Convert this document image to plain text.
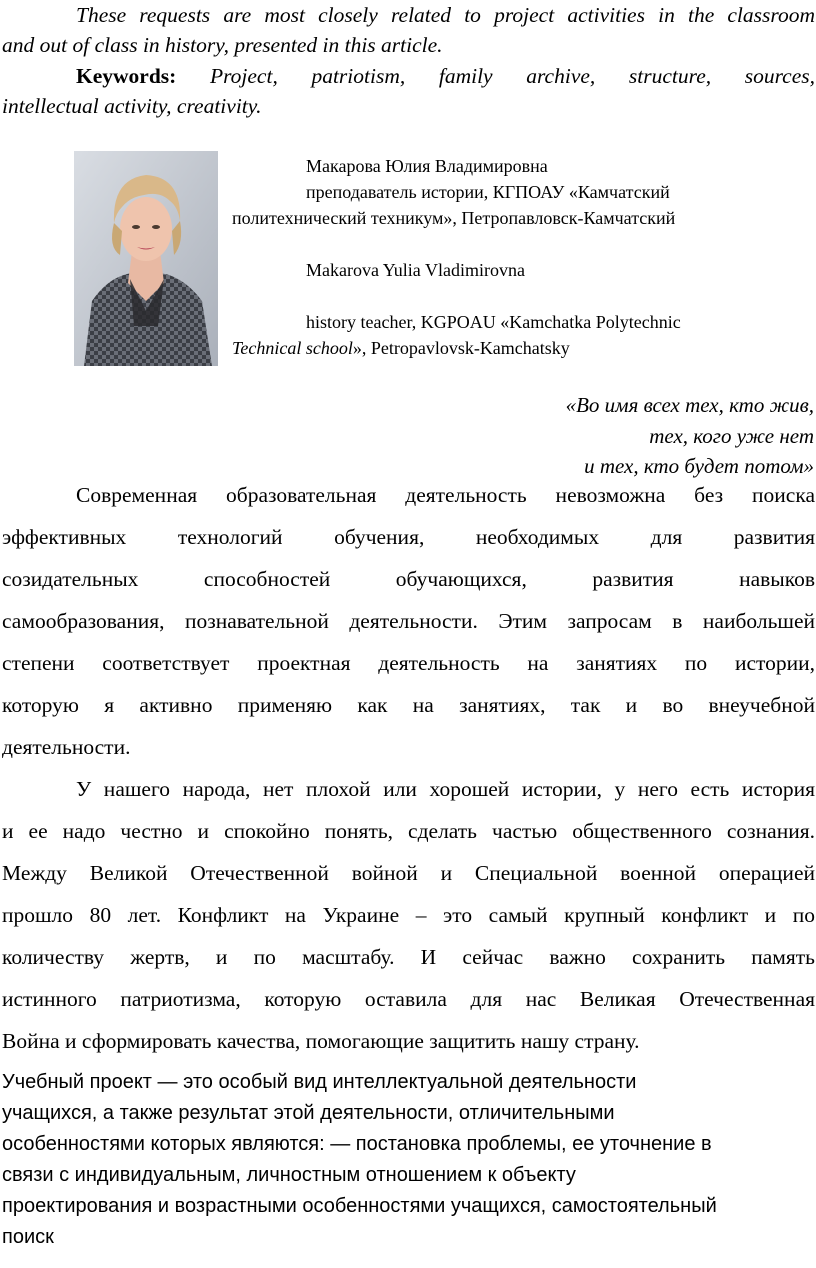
These requests are most closely related to project activities in the classroom
and out of class in history, presented in this article.
Keywords: Project, patriotism, family archive, structure, sources,
intellectual activity, creativity.
Макарова Юлия Владимировна
преподаватель истории, КГПОАУ «Камчатский
политехнический техникум», Петропавловск-Камчатский
Makarova Yulia Vladimirovna
history teacher, KGPOAU «Kamchatka Polytechnic
Technical school», Petropavlovsk-Kamchatsky
«Во имя всех тех, кто жив,
тех, кого уже нет
и тех, кто будет потом»
Современная образовательная деятельность невозможна без поиска
эффективных технологий обучения, необходимых для развития
созидательных способностей обучающихся, развития навыков
самообразования, познавательной деятельности. Этим запросам в наибольшей
степени соответствует проектная деятельность на занятиях по истории,
которую я активно применяю как на занятиях, так и во внеучебной
деятельности.
У нашего народа, нет плохой или хорошей истории, у него есть история
и ее надо честно и спокойно понять, сделать частью общественного сознания.
Между Великой Отечественной войной и Специальной военной операцией
прошло 80 лет. Конфликт на Украине – это самый крупный конфликт и по
количеству жертв, и по масштабу. И сейчас важно сохранить память
истинного патриотизма, которую оставила для нас Великая Отечественная
Война и сформировать качества, помогающие защитить нашу страну.
Учебный проект — это особый вид интеллектуальной деятельности
учащихся, а также результат этой деятельности, отличительными
особенностями которых являются: — постановка проблемы, ее уточнение в
связи с индивидуальным, личностным отношением к объекту
проектирования и возрастными особенностями учащихся, самостоятельный
поиск
